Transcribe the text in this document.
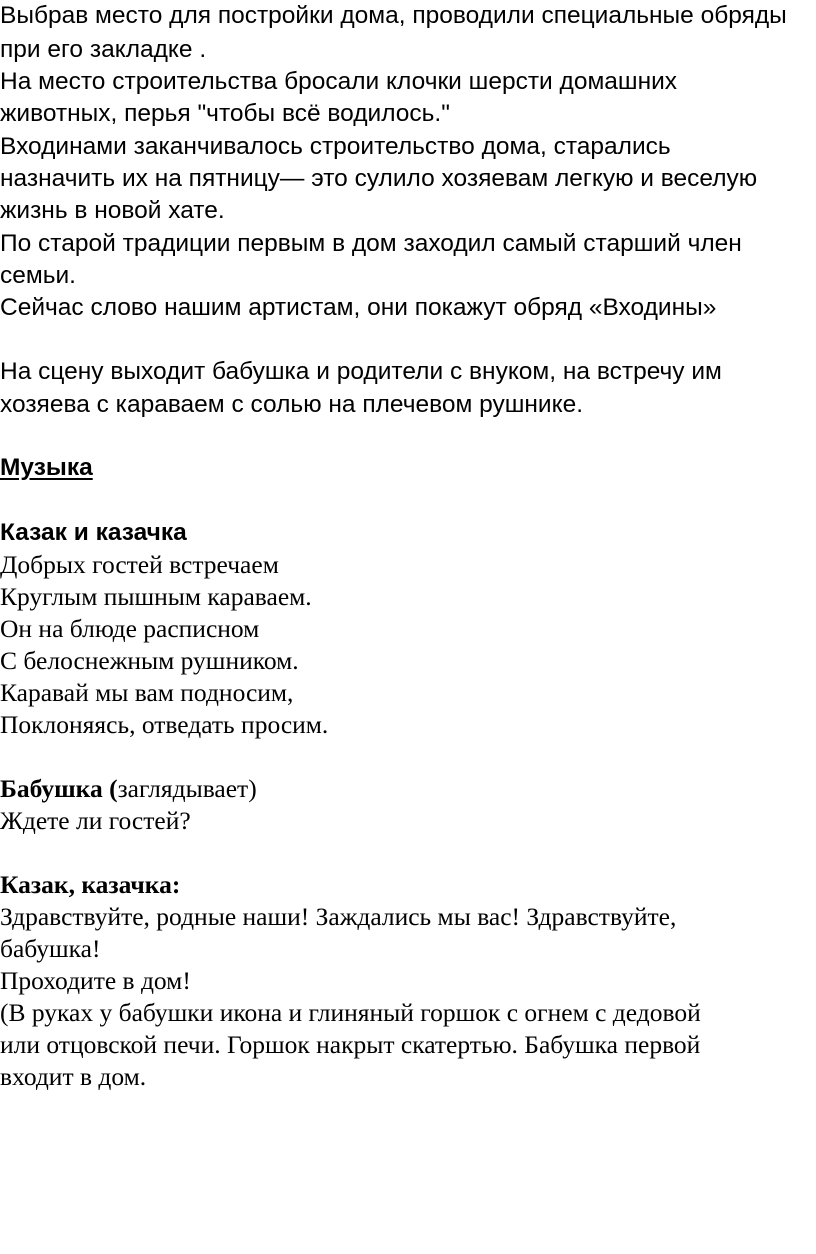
Выбрав место для постройки дома, проводили специальные обряды
при его закладке .
На место строительства бросали клочки шерсти домашних
животных, перья "чтобы всё водилось."
Входинами заканчивалось строительство дома, старались
назначить их на пятницу— это сулило хозяевам легкую и веселую
жизнь в новой хате.
По старой традиции первым в дом заходил самый старший член
семьи.
Сейчас слово нашим артистам, они покажут обряд «Входины»
На сцену выходит бабушка и родители с внуком, на встречу им
хозяева с караваем с солью на плечевом рушнике.
Музыка
Казак и казачка
Добрых гостей встречаем
Круглым пышным караваем.
Он на блюде расписном
С белоснежным рушником.
Каравай мы вам подносим,
Поклоняясь, отведать просим.
Бабушка (заглядывает)
Ждете ли гостей?
Казак, казачка:
Здравствуйте, родные наши! Заждались мы вас! Здравствуйте,
бабушка!
Проходите в дом!
(В руках у бабушки икона и глиняный горшок с огнем с дедовой
или отцовской печи. Горшок накрыт скатертью. Бабушка первой
входит в дом.
